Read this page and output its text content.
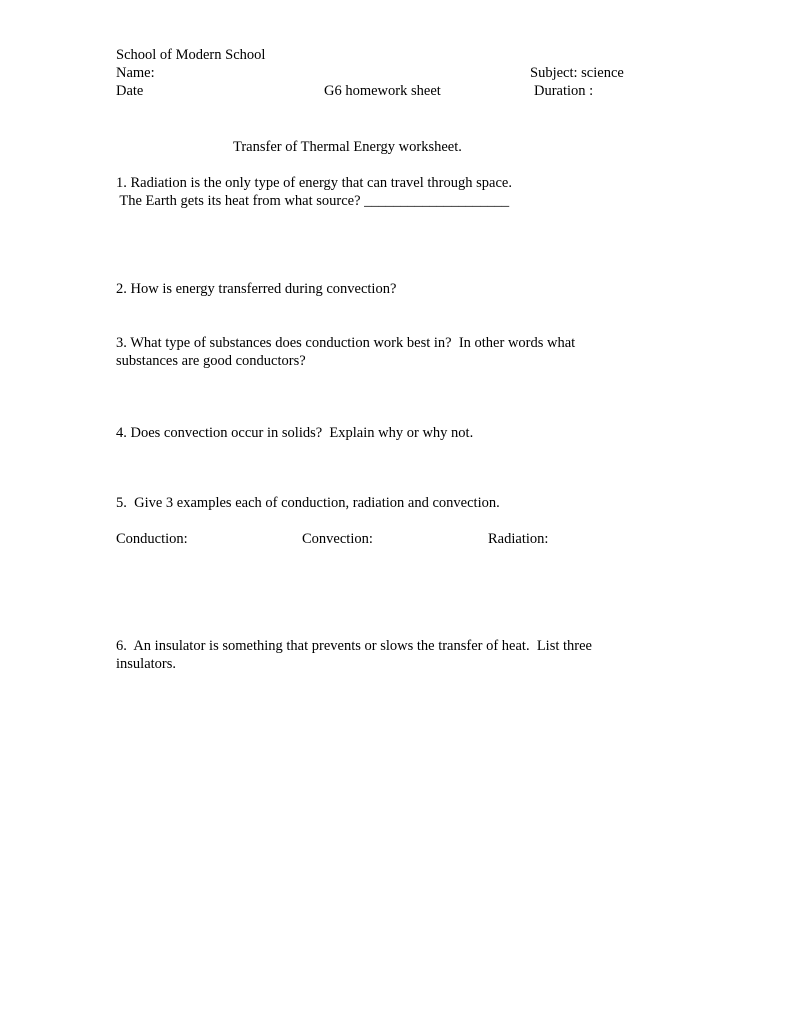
School of Modern School
Name:	Subject: science
Date	G6 homework sheet	Duration :
Transfer of Thermal Energy worksheet.
1. Radiation is the only type of energy that can travel through space.
The Earth gets its heat from what source? ____________________
2. How is energy transferred during convection?
3. What type of substances does conduction work best in?  In other words what
substances are good conductors?
4. Does convection occur in solids?  Explain why or why not.
5.  Give 3 examples each of conduction, radiation and convection.
Conduction:	Convection:	Radiation:
6.  An insulator is something that prevents or slows the transfer of heat.  List three
insulators.
